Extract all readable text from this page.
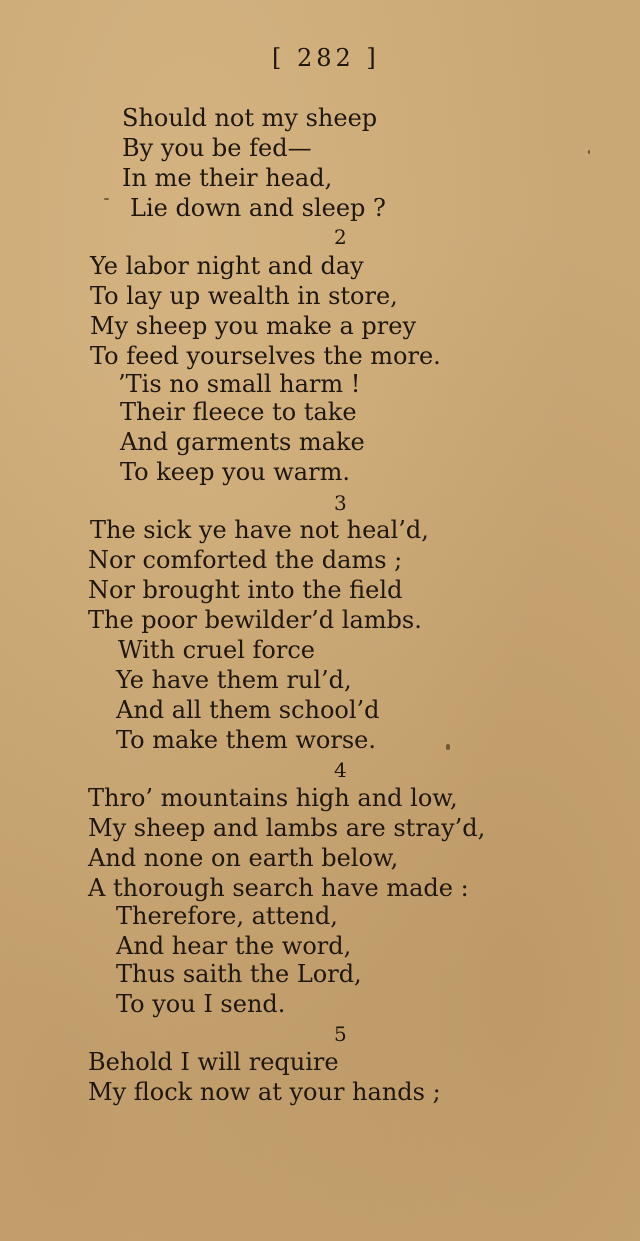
[ 282 ]
Should not my sheep
By you be fed—
In me their head,
Lie down and sleep ?
2
Ye labor night and day
To lay up wealth in store,
My sheep you make a prey
To feed yourselves the more.
’Tis no small harm !
Their fleece to take
And garments make
To keep you warm.
3
The sick ye have not heal’d,
Nor comforted the dams ;
Nor brought into the field
The poor bewilder’d lambs.
With cruel force
Ye have them rul’d,
And all them school’d
To make them worse.
4
Thro’ mountains high and low,
My sheep and lambs are stray’d,
And none on earth below,
A thorough search have made :
Therefore, attend,
And hear the word,
Thus saith the Lord,
To you I send.
5
Behold I will require
My flock now at your hands ;
